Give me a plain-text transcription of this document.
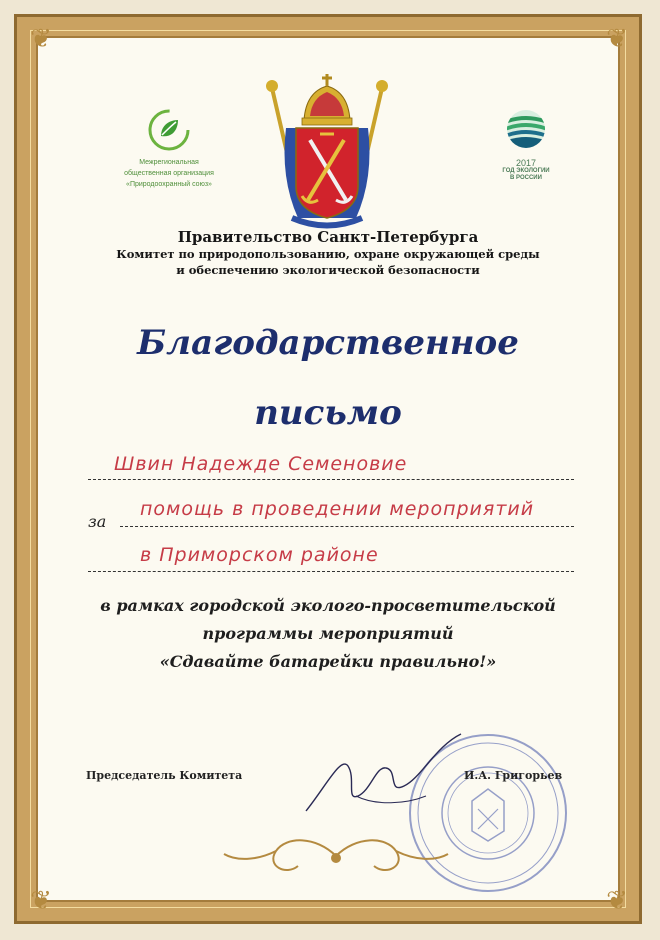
❦	❦
❦	❦
Межрегиональная
общественная организация
«Природоохранный союз»
2017
ГОД ЭКОЛОГИИ
В РОССИИ
Правительство Санкт-Петербурга
Комитет по природопользованию, охране окружающей среды
и обеспечению экологической безопасности
Благодарственное
письмо
Швин Надежде Семеновие
за
помощь в проведении мероприятий
в Приморском районе
в рамках городской эколого-просветительской
программы мероприятий
«Сдавайте батарейки правильно!»
Председатель Комитета	И.А. Григорьев
